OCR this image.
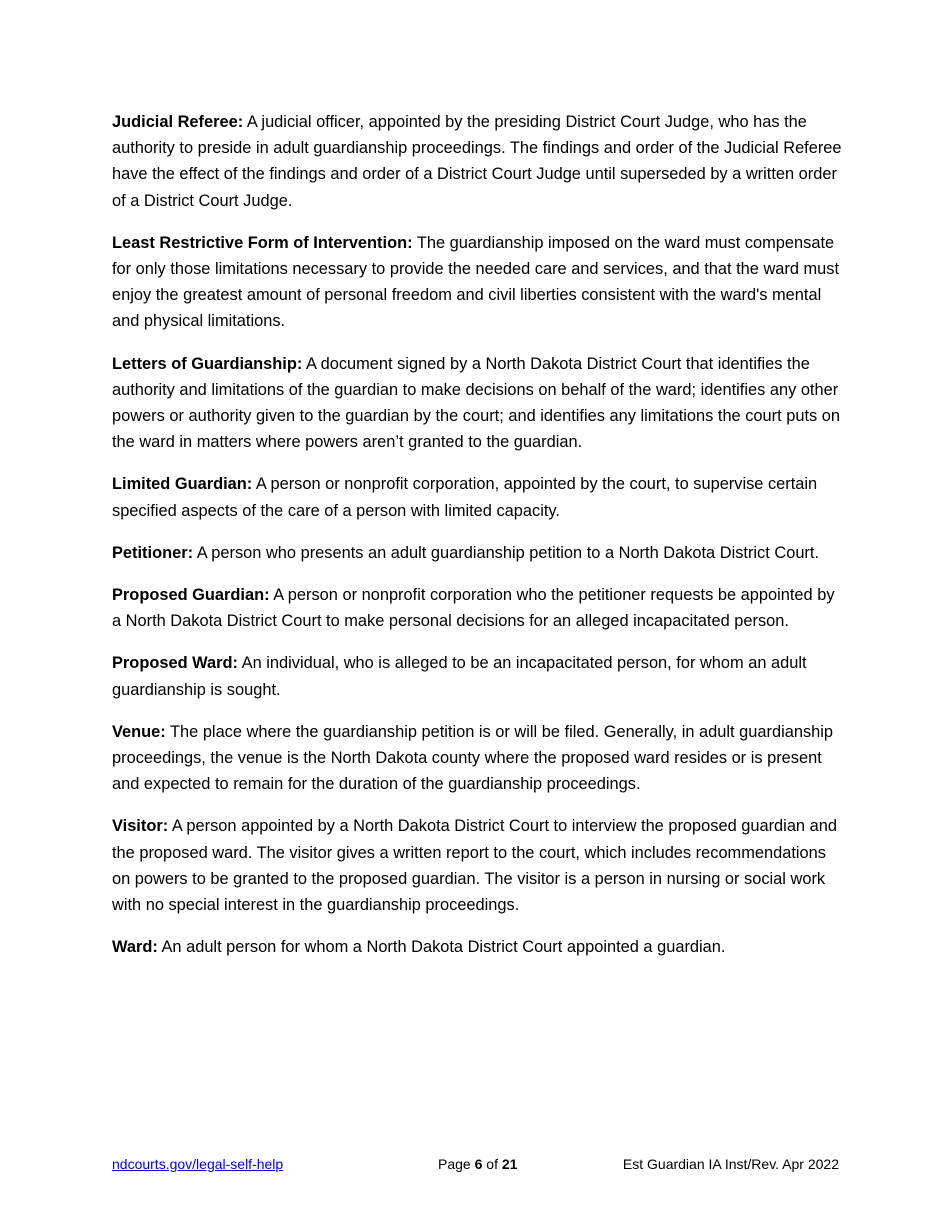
Judicial Referee: A judicial officer, appointed by the presiding District Court Judge, who has the authority to preside in adult guardianship proceedings. The findings and order of the Judicial Referee have the effect of the findings and order of a District Court Judge until superseded by a written order of a District Court Judge.

Least Restrictive Form of Intervention: The guardianship imposed on the ward must compensate for only those limitations necessary to provide the needed care and services, and that the ward must enjoy the greatest amount of personal freedom and civil liberties consistent with the ward's mental and physical limitations.

Letters of Guardianship: A document signed by a North Dakota District Court that identifies the authority and limitations of the guardian to make decisions on behalf of the ward; identifies any other powers or authority given to the guardian by the court; and identifies any limitations the court puts on the ward in matters where powers aren’t granted to the guardian.

Limited Guardian: A person or nonprofit corporation, appointed by the court, to supervise certain specified aspects of the care of a person with limited capacity.

Petitioner: A person who presents an adult guardianship petition to a North Dakota District Court.

Proposed Guardian: A person or nonprofit corporation who the petitioner requests be appointed by a North Dakota District Court to make personal decisions for an alleged incapacitated person.

Proposed Ward: An individual, who is alleged to be an incapacitated person, for whom an adult guardianship is sought.

Venue: The place where the guardianship petition is or will be filed. Generally, in adult guardianship proceedings, the venue is the North Dakota county where the proposed ward resides or is present and expected to remain for the duration of the guardianship proceedings.

Visitor: A person appointed by a North Dakota District Court to interview the proposed guardian and the proposed ward. The visitor gives a written report to the court, which includes recommendations on powers to be granted to the proposed guardian. The visitor is a person in nursing or social work with no special interest in the guardianship proceedings.

Ward: An adult person for whom a North Dakota District Court appointed a guardian.

ndcourts.gov/legal-self-help	Page 6 of 21	Est Guardian IA Inst/Rev. Apr 2022
